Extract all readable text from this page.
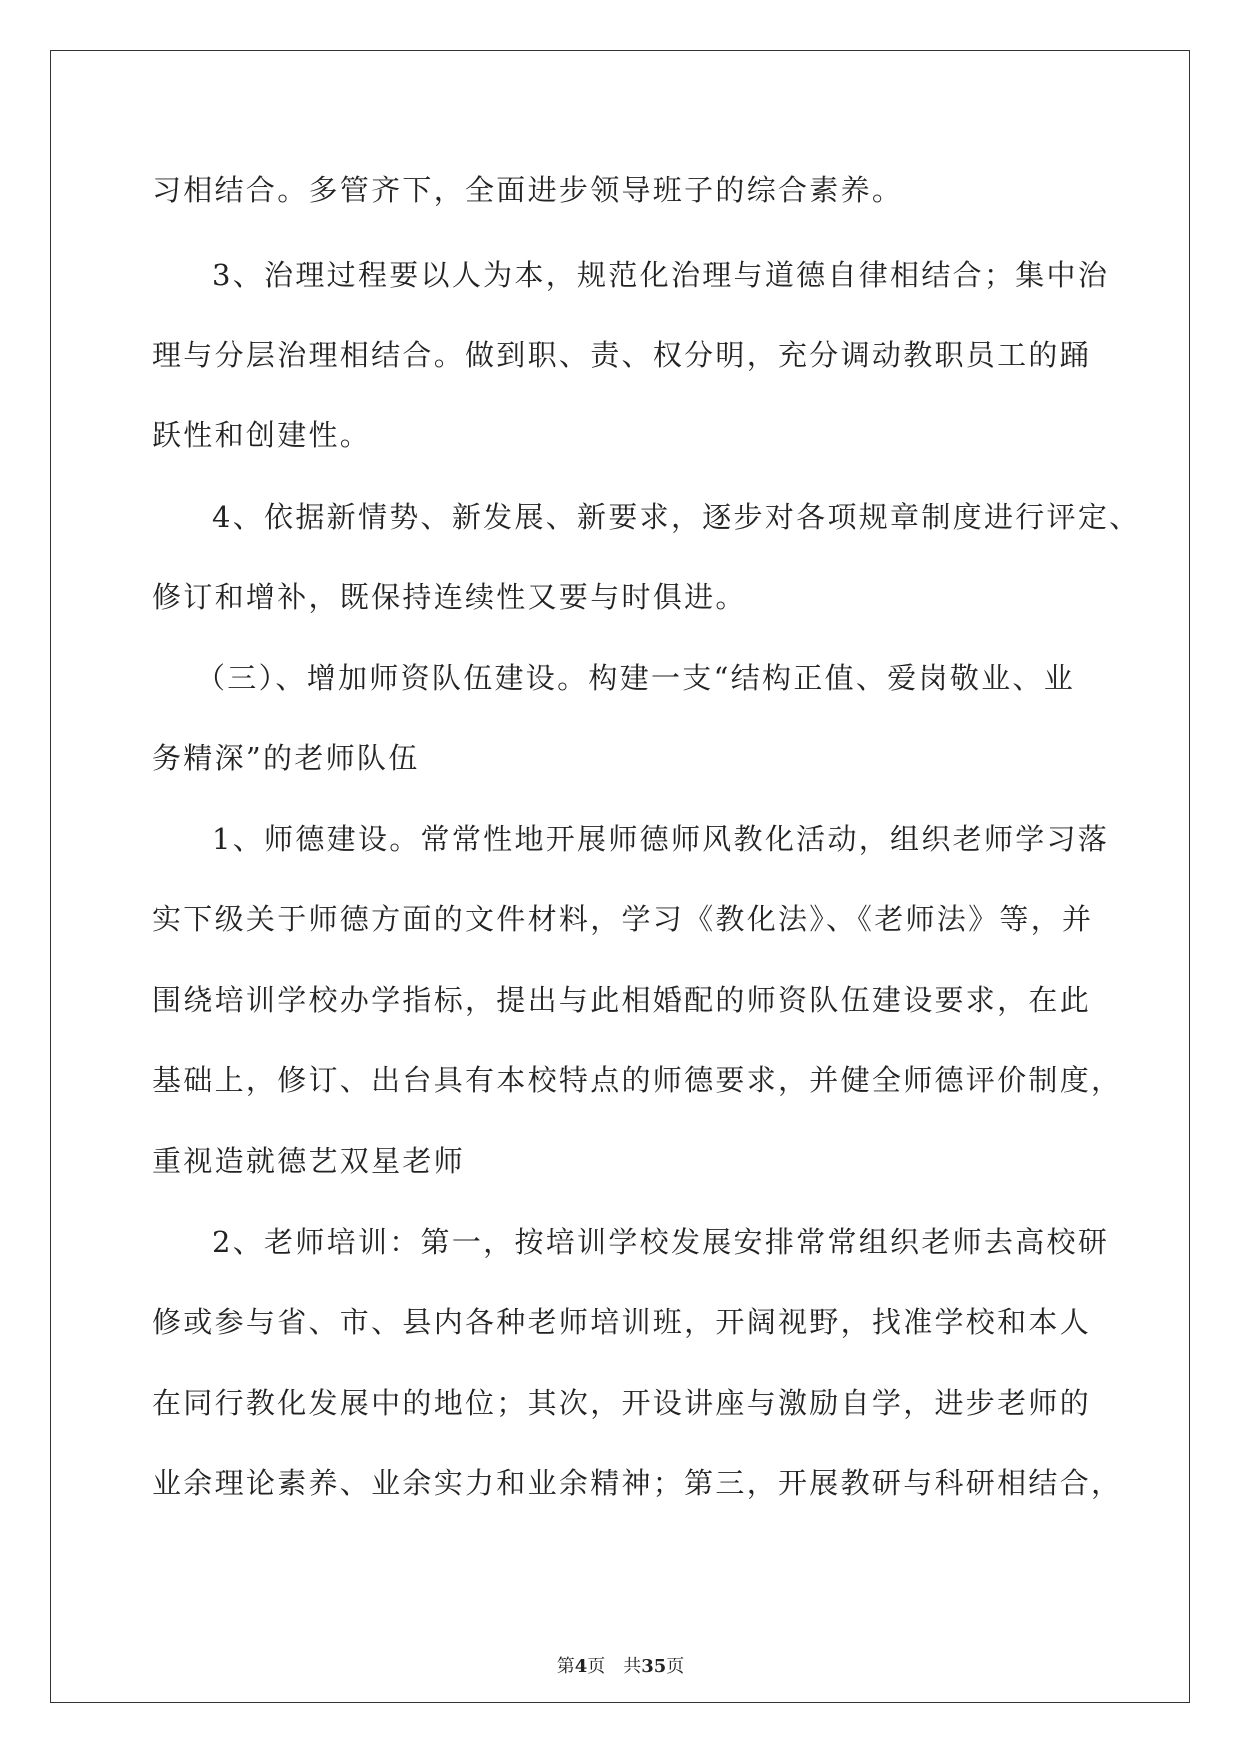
习相结合。多管齐下，全面进步领导班子的综合素养。
3、治理过程要以人为本，规范化治理与道德自律相结合；集中治
理与分层治理相结合。做到职、责、权分明，充分调动教职员工的踊
跃性和创建性。
4、依据新情势、新发展、新要求，逐步对各项规章制度进行评定、
修订和增补，既保持连续性又要与时俱进。
（三）、增加师资队伍建设。构建一支“结构正值、爱岗敬业、业
务精深”的老师队伍
1、师德建设。常常性地开展师德师风教化活动，组织老师学习落
实下级关于师德方面的文件材料，学习《教化法》、《老师法》等，并
围绕培训学校办学指标，提出与此相婚配的师资队伍建设要求，在此
基础上，修订、出台具有本校特点的师德要求，并健全师德评价制度，
重视造就德艺双星老师
2、老师培训：第一，按培训学校发展安排常常组织老师去高校研
修或参与省、市、县内各种老师培训班，开阔视野，找准学校和本人
在同行教化发展中的地位；其次，开设讲座与激励自学，进步老师的
业余理论素养、业余实力和业余精神；第三，开展教研与科研相结合，
第4页 共35页
